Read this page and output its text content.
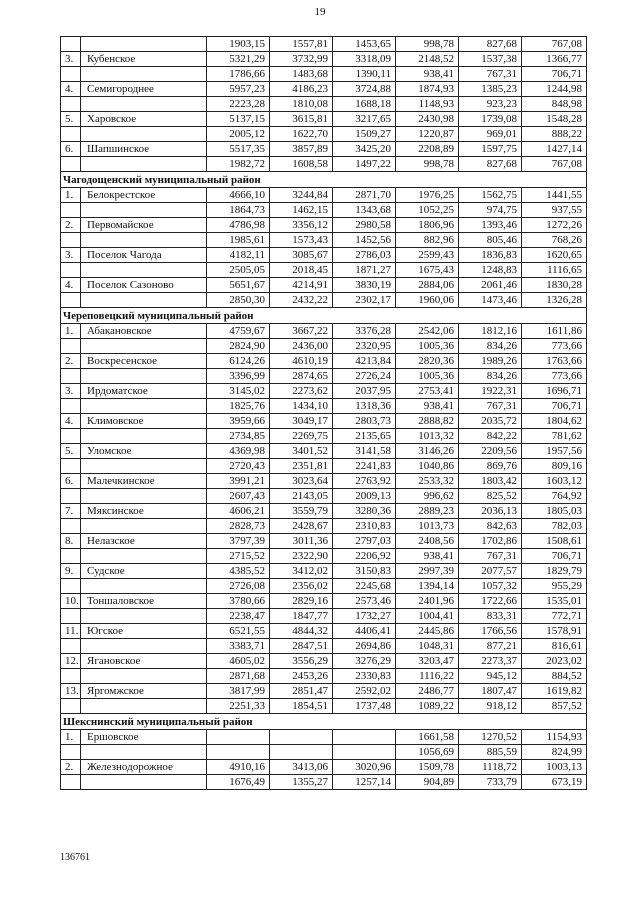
19
		1903,15	1557,81	1453,65	998,78	827,68	767,08
3.	Кубенское	5321,29	3732,99	3318,09	2148,52	1537,38	1366,77
		1786,66	1483,68	1390,11	938,41	767,31	706,71
4.	Семигороднее	5957,23	4186,23	3724,88	1874,93	1385,23	1244,98
		2223,28	1810,08	1688,18	1148,93	923,23	848,98
5.	Харовское	5137,15	3615,81	3217,65	2430,98	1739,08	1548,28
		2005,12	1622,70	1509,27	1220,87	969,01	888,22
6.	Шапшинское	5517,35	3857,89	3425,20	2208,89	1597,75	1427,14
		1982,72	1608,58	1497,22	998,78	827,68	767,08
Чагодощенский муниципальный район							
1.	Белокрестское	4666,10	3244,84	2871,70	1976,25	1562,75	1441,55
		1864,73	1462,15	1343,68	1052,25	974,75	937,55
2.	Первомайское	4786,98	3356,12	2980,58	1806,96	1393,46	1272,26
		1985,61	1573,43	1452,56	882,96	805,46	768,26
3.	Поселок Чагода	4182,11	3085,67	2786,03	2599,43	1836,83	1620,65
		2505,05	2018,45	1871,27	1675,43	1248,83	1116,65
4.	Поселок Сазоново	5651,67	4214,91	3830,19	2884,06	2061,46	1830,28
		2850,30	2432,22	2302,17	1960,06	1473,46	1326,28
Череповецкий муниципальный район							
1.	Абакановское	4759,67	3667,22	3376,28	2542,06	1812,16	1611,86
		2824,90	2436,00	2320,95	1005,36	834,26	773,66
2.	Воскресенское	6124,26	4610,19	4213,84	2820,36	1989,26	1763,66
		3396,99	2874,65	2726,24	1005,36	834,26	773,66
3.	Ирдоматское	3145,02	2273,62	2037,95	2753,41	1922,31	1696,71
		1825,76	1434,10	1318,36	938,41	767,31	706,71
4.	Климовское	3959,66	3049,17	2803,73	2888,82	2035,72	1804,62
		2734,85	2269,75	2135,65	1013,32	842,22	781,62
5.	Уломское	4369,98	3401,52	3141,58	3146,26	2209,56	1957,56
		2720,43	2351,81	2241,83	1040,86	869,76	809,16
6.	Малечкинское	3991,21	3023,64	2763,92	2533,32	1803,42	1603,12
		2607,43	2143,05	2009,13	996,62	825,52	764,92
7.	Мяксинское	4606,21	3559,79	3280,36	2889,23	2036,13	1805,03
		2828,73	2428,67	2310,83	1013,73	842,63	782,03
8.	Нелазское	3797,39	3011,36	2797,03	2408,56	1702,86	1508,61
		2715,52	2322,90	2206,92	938,41	767,31	706,71
9.	Судское	4385,52	3412,02	3150,83	2997,39	2077,57	1829,79
		2726,08	2356,02	2245,68	1394,14	1057,32	955,29
10.	Тоншаловское	3780,66	2829,16	2573,46	2401,96	1722,66	1535,01
		2238,47	1847,77	1732,27	1004,41	833,31	772,71
11.	Югское	6521,55	4844,32	4406,41	2445,86	1766,56	1578,91
		3383,71	2847,51	2694,86	1048,31	877,21	816,61
12.	Ягановское	4605,02	3556,29	3276,29	3203,47	2273,37	2023,02
		2871,68	2453,26	2330,83	1116,22	945,12	884,52
13.	Яргомжское	3817,99	2851,47	2592,02	2486,77	1807,47	1619,82
		2251,33	1854,51	1737,48	1089,22	918,12	857,52
Шекснинский муниципальный район							
1.	Ершовское				1661,58	1270,52	1154,93
					1056,69	885,59	824,99
2.	Железнодорожное	4910,16	3413,06	3020,96	1509,78	1118,72	1003,13
		1676,49	1355,27	1257,14	904,89	733,79	673,19
136761
